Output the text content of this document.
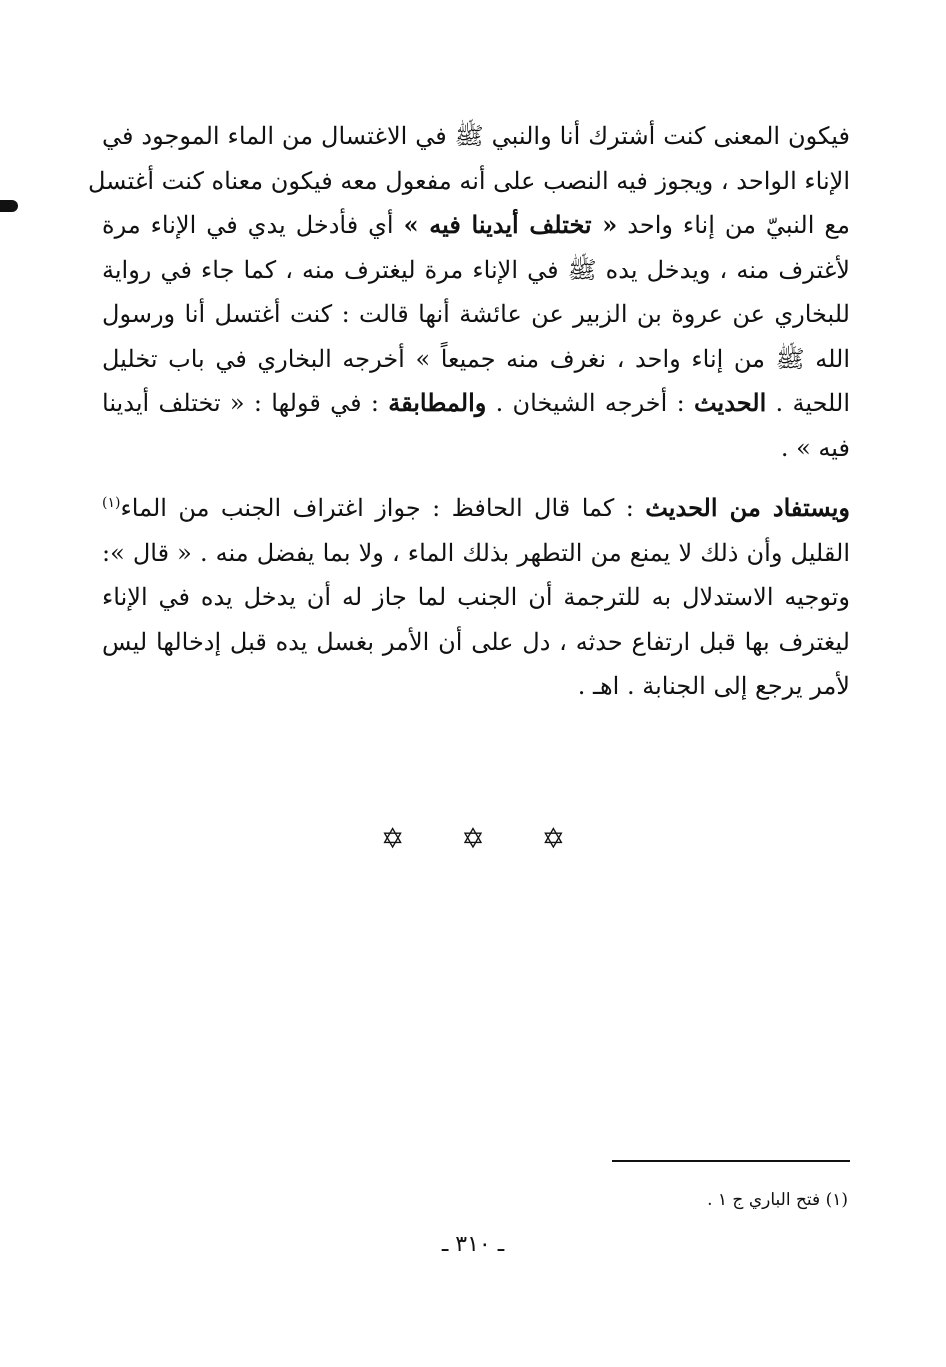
فيكون المعنى كنت أشترك أنا والنبي ﷺ في الاغتسال من الماء الموجود في
الإناء الواحد ، ويجوز فيه النصب على أنه مفعول معه فيكون معناه كنت أغتسل
مع النبيّ من إناء واحد « تختلف أيدينا فيه » أي فأدخل يدي في الإناء مرة
لأغترف منه ، ويدخل يده ﷺ في الإناء مرة ليغترف منه ، كما جاء في رواية
للبخاري عن عروة بن الزبير عن عائشة أنها قالت : كنت أغتسل أنا ورسول
الله ﷺ من إناء واحد ، نغرف منه جميعاً » أخرجه البخاري في باب تخليل
اللحية . الحديث : أخرجه الشيخان . والمطابقة : في قولها : « تختلف أيدينا
فيه » .
ويستفاد من الحديث : كما قال الحافظ : جواز اغتراف الجنب من الماء$^{(١)}$
القليل وأن ذلك لا يمنع من التطهر بذلك الماء ، ولا بما يفضل منه . « قال »:
وتوجيه الاستدلال به للترجمة أن الجنب لما جاز له أن يدخل يده في الإناء
ليغترف بها قبل ارتفاع حدثه ، دل على أن الأمر بغسل يده قبل إدخالها ليس
لأمر يرجع إلى الجنابة . اهـ .
✡ ✡ ✡
(١) فتح الباري ج ١ .
ـ ٣١٠ ـ
